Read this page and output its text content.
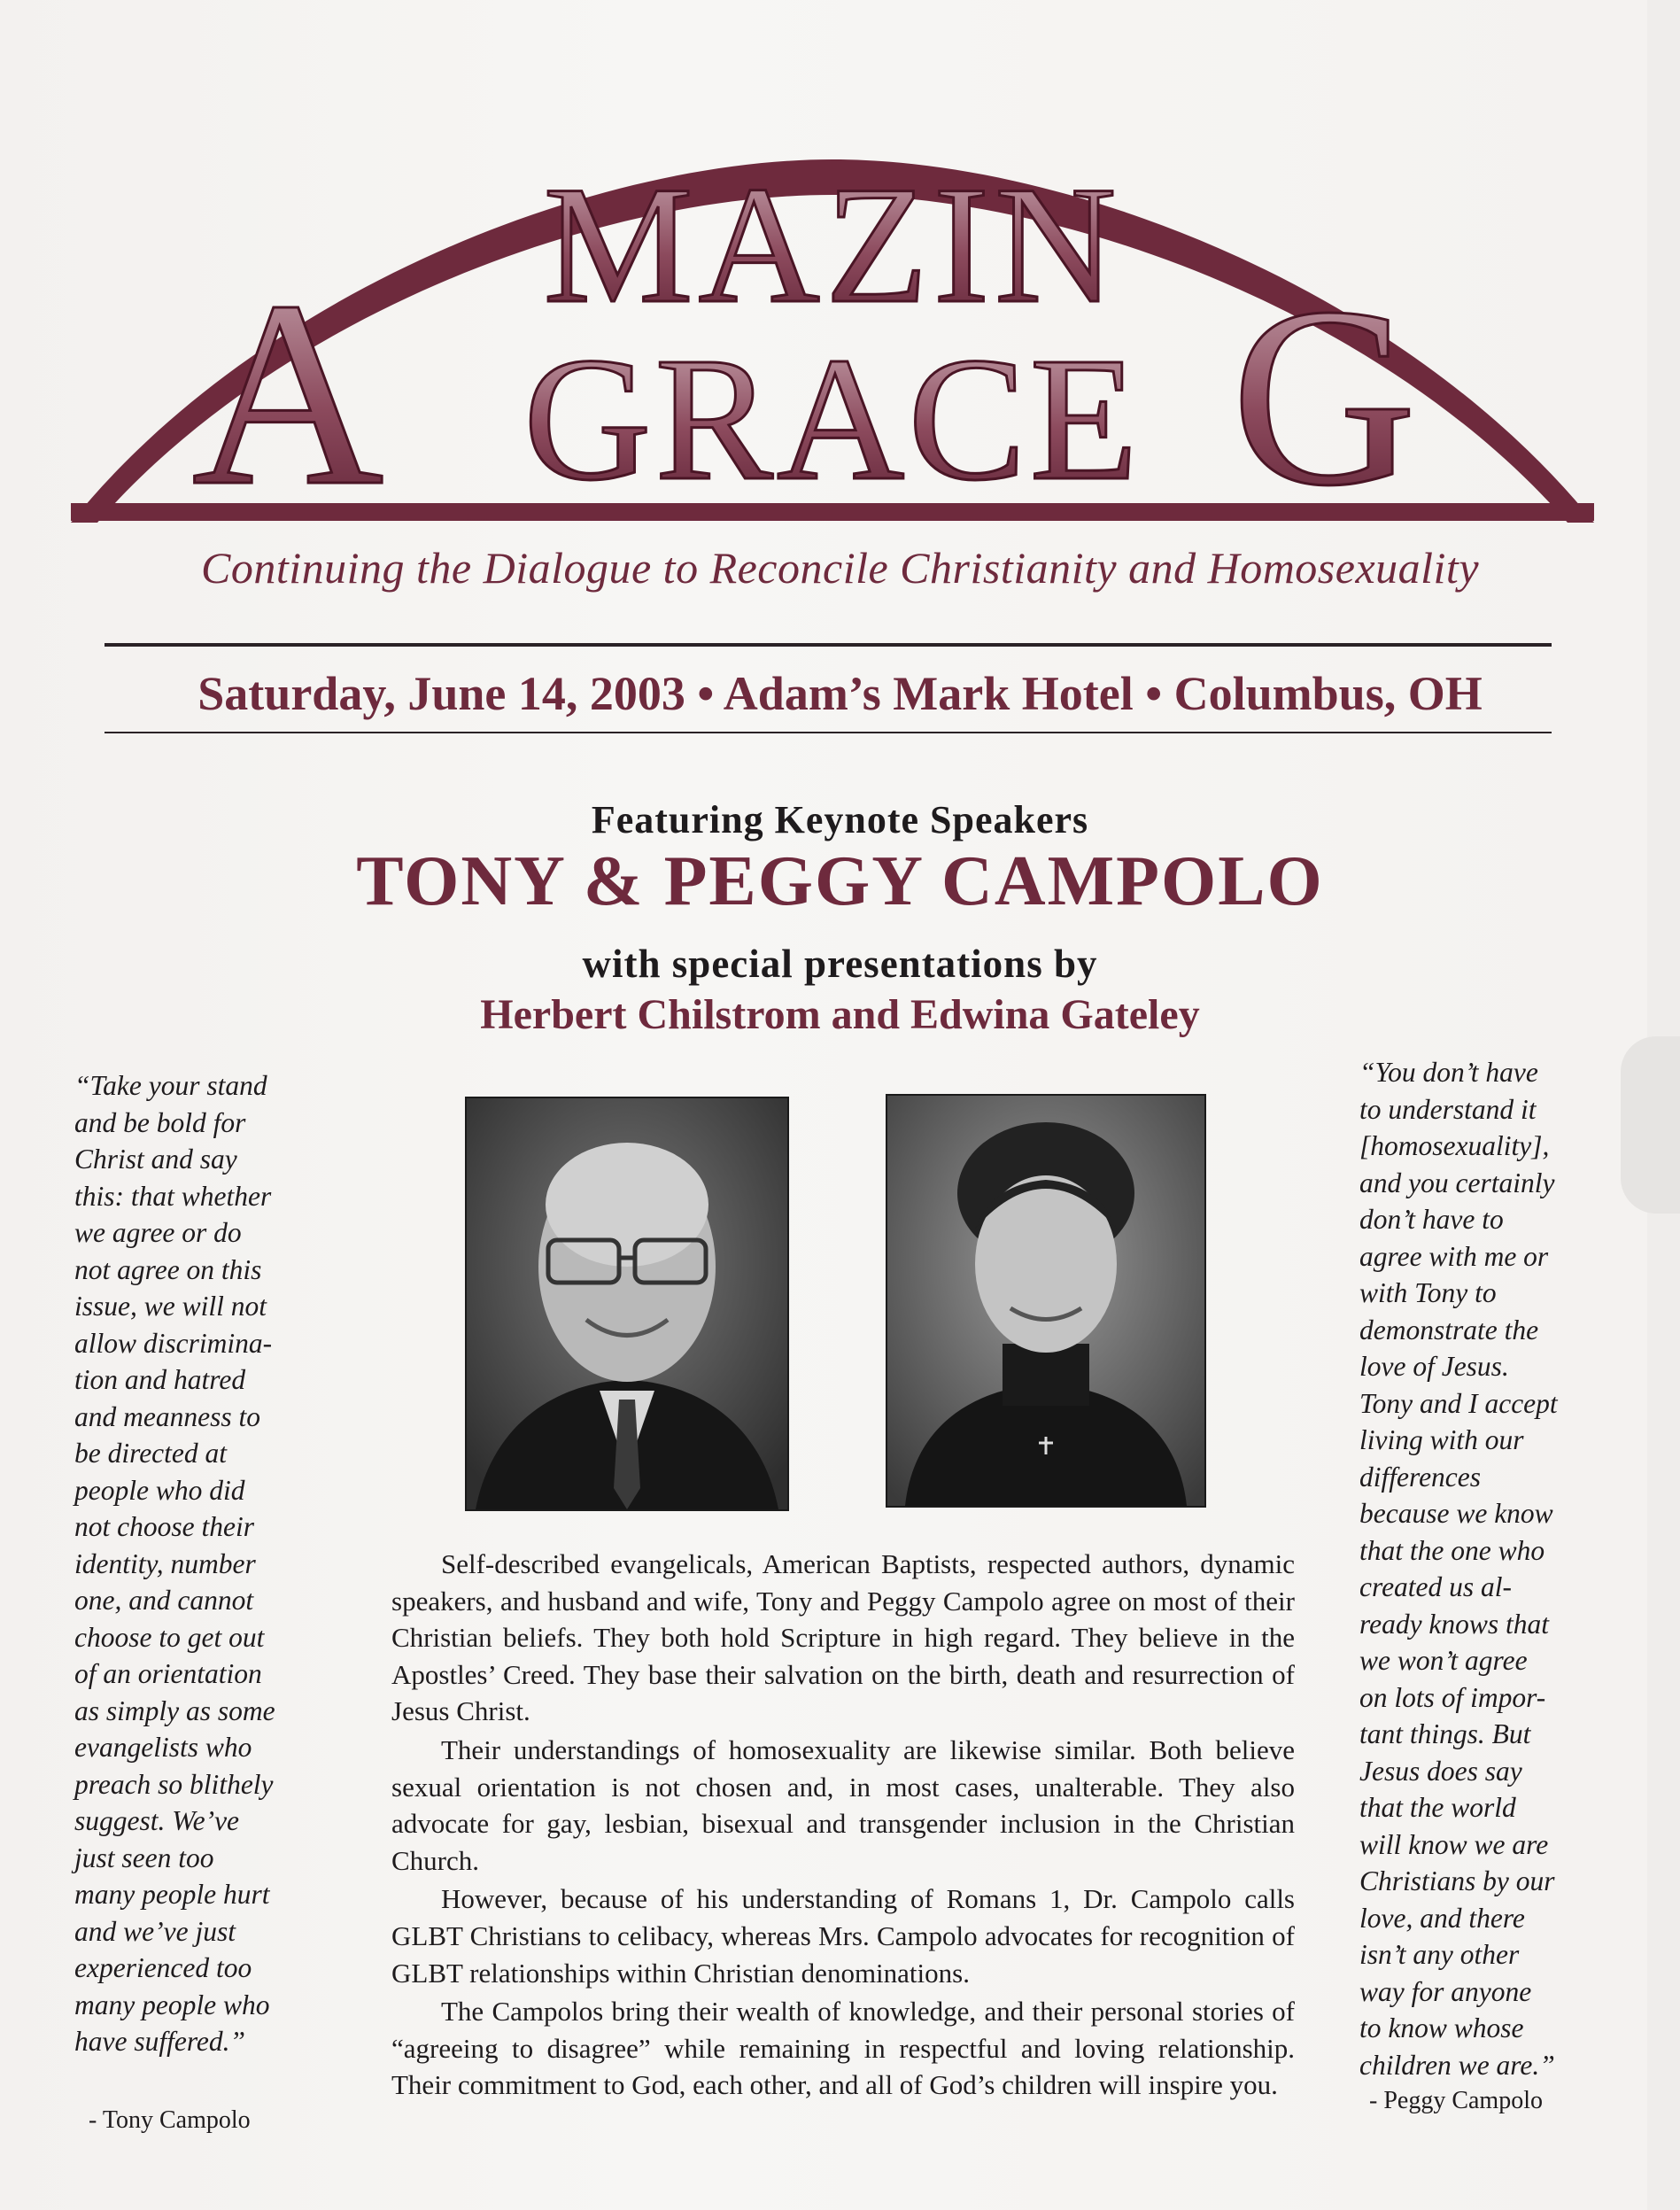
MAZIN
A GRACE G
Continuing the Dialogue to Reconcile Christianity and Homosexuality
Saturday, June 14, 2003 • Adam’s Mark Hotel • Columbus, OH
Featuring Keynote Speakers
TONY & PEGGY CAMPOLO
with special presentations by
Herbert Chilstrom and Edwina Gateley
“Take your stand
and be bold for
Christ and say
this: that whether
we agree or do
not agree on this
issue, we will not
allow discrimina-
tion and hatred
and meanness to
be directed at
people who did
not choose their
identity, number
one, and cannot
choose to get out
of an orientation
as simply as some
evangelists who
preach so blithely
suggest. We’ve
just seen too
many people hurt
and we’ve just
experienced too
many people who
have suffered.”
- Tony Campolo
“You don’t have
to understand it
[homosexuality],
and you certainly
don’t have to
agree with me or
with Tony to
demonstrate the
love of Jesus.
Tony and I accept
living with our
differences
because we know
that the one who
created us al-
ready knows that
we won’t agree
on lots of impor-
tant things. But
Jesus does say
that the world
will know we are
Christians by our
love, and there
isn’t any other
way for anyone
to know whose
children we are.”
- Peggy Campolo

Self-described evangelicals, American Baptists, respected authors, dynamic speakers, and husband and wife, Tony and Peggy Campolo agree on most of their Christian beliefs. They both hold Scripture in high regard. They believe in the Apostles’ Creed. They base their salvation on the birth, death and resurrection of Jesus Christ.

Their understandings of homosexuality are likewise similar. Both believe sexual orientation is not chosen and, in most cases, unalterable. They also advocate for gay, lesbian, bisexual and transgender inclusion in the Christian Church.

However, because of his understanding of Romans 1, Dr. Campolo calls GLBT Christians to celibacy, whereas Mrs. Campolo advocates for recognition of GLBT relationships within Christian denominations.

The Campolos bring their wealth of knowledge, and their personal stories of “agreeing to disagree” while remaining in respectful and loving relationship. Their commitment to God, each other, and all of God’s children will inspire you.
